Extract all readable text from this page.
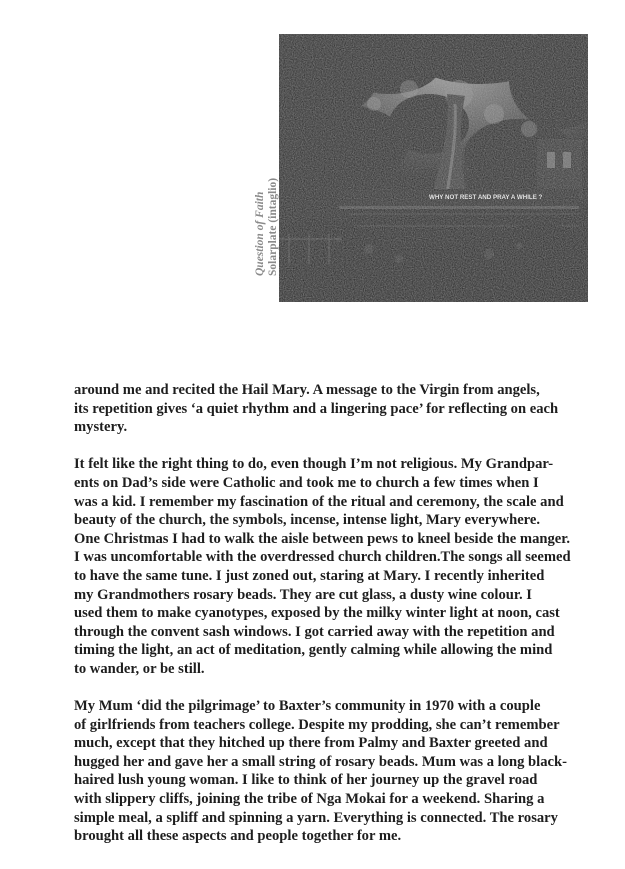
Question of Faith Solarplate (intaglio)	WHY NOT REST AND PRAY A WHILE ?

around me and recited the Hail Mary. A message to the Virgin from angels,
its repetition gives ‘a quiet rhythm and a lingering pace’ for reflecting on each
mystery.

It felt like the right thing to do, even though I’m not religious. My Grandpar-
ents on Dad’s side were Catholic and took me to church a few times when I
was a kid. I remember my fascination of the ritual and ceremony, the scale and
beauty of the church, the symbols, incense, intense light, Mary everywhere.
One Christmas I had to walk the aisle between pews to kneel beside the manger.
I was uncomfortable with the overdressed church children.The songs all seemed
to have the same tune. I just zoned out, staring at Mary. I recently inherited
my Grandmothers rosary beads. They are cut glass, a dusty wine colour. I
used them to make cyanotypes, exposed by the milky winter light at noon, cast
through the convent sash windows. I got carried away with the repetition and
timing the light, an act of meditation, gently calming while allowing the mind
to wander, or be still.

My Mum ‘did the pilgrimage’ to Baxter’s community in 1970 with a couple
of girlfriends from teachers college. Despite my prodding, she can’t remember
much, except that they hitched up there from Palmy and Baxter greeted and
hugged her and gave her a small string of rosary beads. Mum was a long black-
haired lush young woman. I like to think of her journey up the gravel road
with slippery cliffs, joining the tribe of Nga Mokai for a weekend. Sharing a
simple meal, a spliff and spinning a yarn. Everything is connected. The rosary
brought all these aspects and people together for me.
